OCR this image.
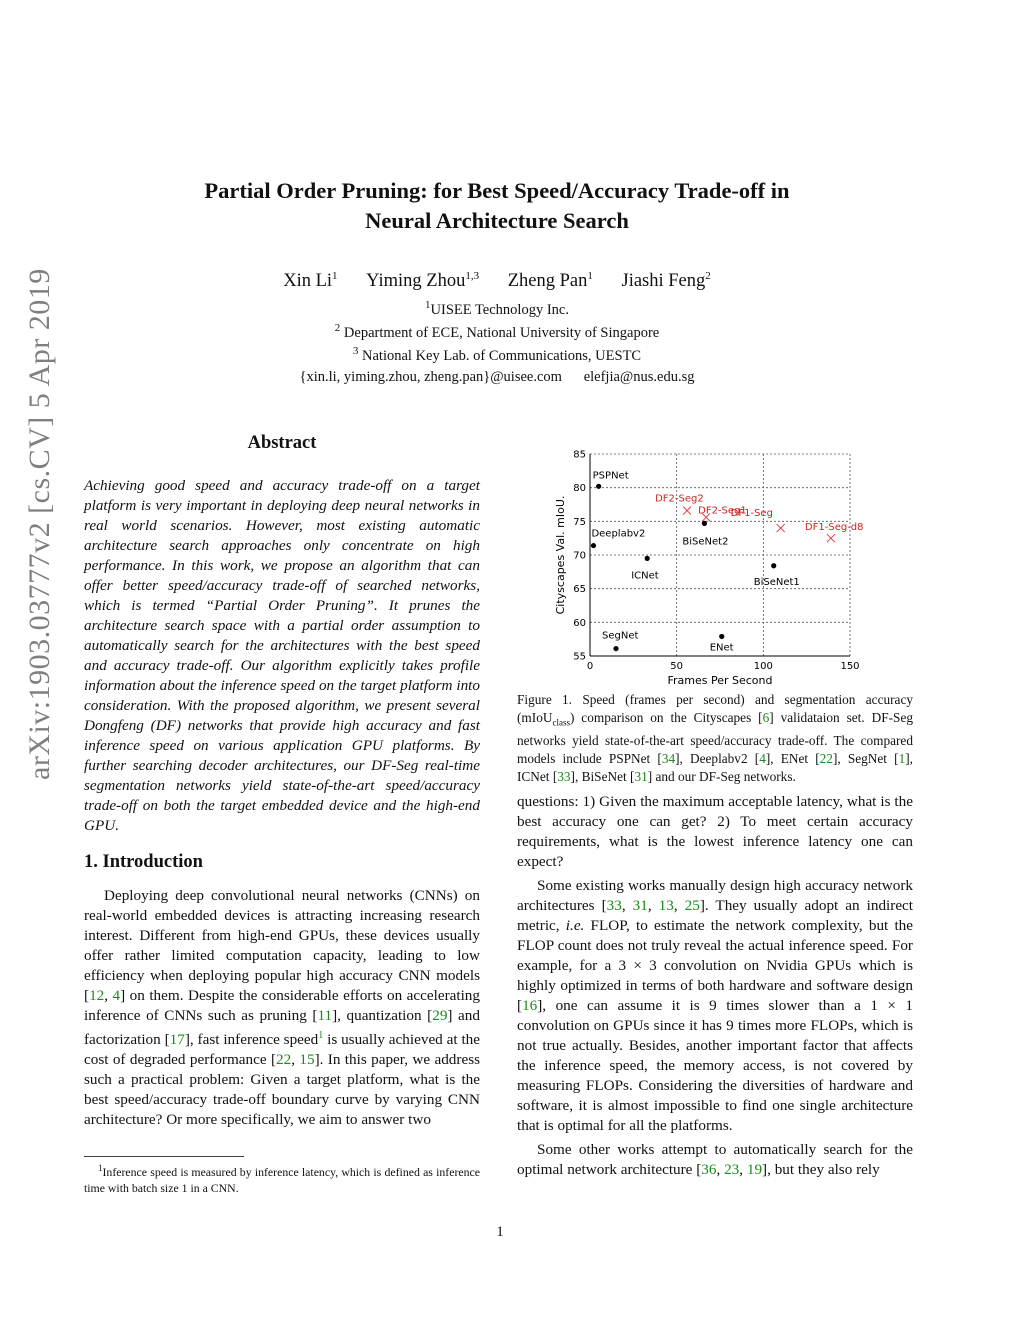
arXiv:1903.03777v2 [cs.CV] 5 Apr 2019
Partial Order Pruning: for Best Speed/Accuracy Trade-off in
Neural Architecture Search
Xin Li$^1$ Yiming Zhou$^{1,3}$ Zheng Pan$^1$ Jiashi Feng$^2$
$^1$UISEE Technology Inc.
$^2$ Department of ECE, National University of Singapore
$^3$ National Key Lab. of Communications, UESTC
{xin.li, yiming.zhou, zheng.pan}@uisee.com      elefjia@nus.edu.sg
Abstract
Achieving good speed and accuracy trade-off on a target platform is very important in deploying deep neural networks in real world scenarios. However, most existing automatic architecture search approaches only concentrate on high performance. In this work, we propose an algorithm that can offer better speed/accuracy trade-off of searched networks, which is termed “Partial Order Pruning”. It prunes the architecture search space with a partial order assumption to automatically search for the architectures with the best speed and accuracy trade-off. Our algorithm explicitly takes profile information about the inference speed on the target platform into consideration. With the proposed algorithm, we present several Dongfeng (DF) networks that provide high accuracy and fast inference speed on various application GPU platforms. By further searching decoder architectures, our DF-Seg real-time segmentation networks yield state-of-the-art speed/accuracy trade-off on both the target embedded device and the high-end GPU.
1. Introduction

Deploying deep convolutional neural networks (CNNs) on real-world embedded devices is attracting increasing research interest. Different from high-end GPUs, these devices usually offer rather limited computation capacity, leading to low efficiency when deploying popular high accuracy CNN models [12, 4] on them. Despite the considerable efforts on accelerating inference of CNNs such as pruning [11], quantization [29] and factorization [17], fast inference speed$^1$ is usually achieved at the cost of degraded performance [22, 15]. In this paper, we address such a practical problem: Given a target platform, what is the best speed/accuracy trade-off boundary curve by varying CNN architecture? Or more specifically, we aim to answer two

$^1$Inference speed is measured by inference latency, which is defined as inference time with batch size 1 in a CNN.

0	50	100	150
55
60
65
70
75
80
85
PSPNet
Deeplabv2
ICNet
BiSeNet2
BiSeNet1
SegNet
ENet
DF2-Seg2
DF2-Seg1
DF1-Seg
DF1-Seg-d8
Frames Per Second
Cityscapes Val. mIoU.
Figure 1. Speed (frames per second) and segmentation accuracy (mIoU$_{class}$) comparison on the Cityscapes [6] validataion set. DF-Seg networks yield state-of-the-art speed/accuracy trade-off. The compared models include PSPNet [34], Deeplabv2 [4], ENet [22], SegNet [1], ICNet [33], BiSeNet [31] and our DF-Seg networks.

questions: 1) Given the maximum acceptable latency, what is the best accuracy one can get? 2) To meet certain accuracy requirements, what is the lowest inference latency one can expect?

Some existing works manually design high accuracy network architectures [33, 31, 13, 25]. They usually adopt an indirect metric, i.e. FLOP, to estimate the network complexity, but the FLOP count does not truly reveal the actual inference speed. For example, for a 3 × 3 convolution on Nvidia GPUs which is highly optimized in terms of both hardware and software design [16], one can assume it is 9 times slower than a 1 × 1 convolution on GPUs since it has 9 times more FLOPs, which is not true actually. Besides, another important factor that affects the inference speed, the memory access, is not covered by measuring FLOPs. Considering the diversities of hardware and software, it is almost impossible to find one single architecture that is optimal for all the platforms.

Some other works attempt to automatically search for the optimal network architecture [36, 23, 19], but they also rely

1
